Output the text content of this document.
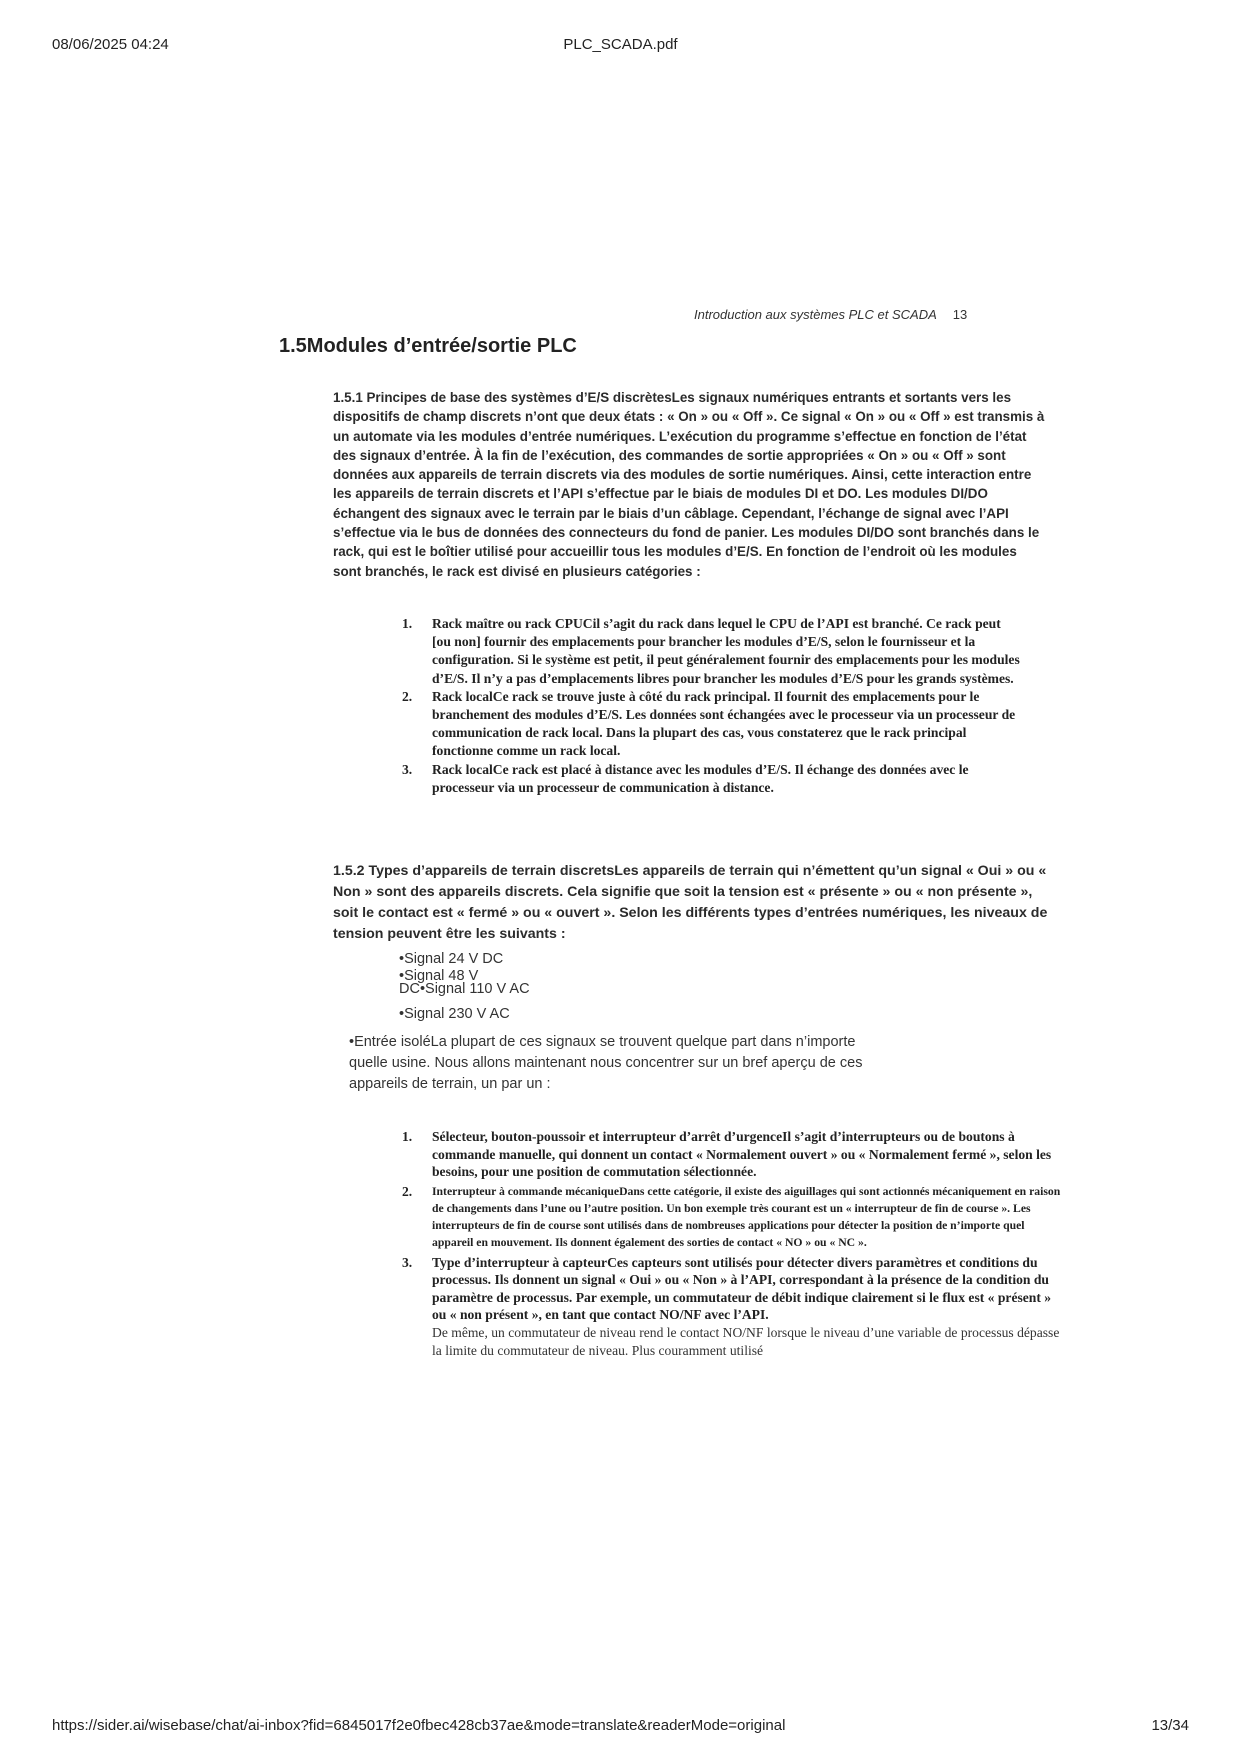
08/06/2025 04:24	PLC_SCADA.pdf
Introduction aux systèmes PLC et SCADA 13
1.5Modules d’entrée/sortie PLC
1.5.1 Principes de base des systèmes d’E/S discrètesLes signaux numériques entrants et sortants vers les dispositifs de champ discrets n’ont que deux états : « On » ou « Off ». Ce signal « On » ou « Off » est transmis à un automate via les modules d’entrée numériques. L’exécution du programme s’effectue en fonction de l’état des signaux d’entrée. À la fin de l’exécution, des commandes de sortie appropriées « On » ou « Off » sont données aux appareils de terrain discrets via des modules de sortie numériques. Ainsi, cette interaction entre les appareils de terrain discrets et l’API s’effectue par le biais de modules DI et DO. Les modules DI/DO échangent des signaux avec le terrain par le biais d’un câblage. Cependant, l’échange de signal avec l’API s’effectue via le bus de données des connecteurs du fond de panier. Les modules DI/DO sont branchés dans le rack, qui est le boîtier utilisé pour accueillir tous les modules d’E/S. En fonction de l’endroit où les modules sont branchés, le rack est divisé en plusieurs catégories :
1. Rack maître ou rack CPUCil s’agit du rack dans lequel le CPU de l’API est branché. Ce rack peut [ou non] fournir des emplacements pour brancher les modules d’E/S, selon le fournisseur et la configuration. Si le système est petit, il peut généralement fournir des emplacements pour les modules d’E/S. Il n’y a pas d’emplacements libres pour brancher les modules d’E/S pour les grands systèmes.
2. Rack localCe rack se trouve juste à côté du rack principal. Il fournit des emplacements pour le branchement des modules d’E/S. Les données sont échangées avec le processeur via un processeur de communication de rack local. Dans la plupart des cas, vous constaterez que le rack principal fonctionne comme un rack local.
3. Rack localCe rack est placé à distance avec les modules d’E/S. Il échange des données avec le processeur via un processeur de communication à distance.
1.5.2 Types d’appareils de terrain discretsLes appareils de terrain qui n’émettent qu’un signal « Oui » ou « Non » sont des appareils discrets. Cela signifie que soit la tension est « présente » ou « non présente », soit le contact est « fermé » ou « ouvert ». Selon les différents types d’entrées numériques, les niveaux de tension peuvent être les suivants :
•Signal 24 V DC
•Signal 48 V
DC•Signal 110 V AC
•Signal 230 V AC
•Entrée isoléLa plupart de ces signaux se trouvent quelque part dans n’importe quelle usine. Nous allons maintenant nous concentrer sur un bref aperçu de ces appareils de terrain, un par un :
1. Sélecteur, bouton-poussoir et interrupteur d’arrêt d’urgenceIl s’agit d’interrupteurs ou de boutons à commande manuelle, qui donnent un contact « Normalement ouvert » ou « Normalement fermé », selon les besoins, pour une position de commutation sélectionnée.
2. Interrupteur à commande mécaniqueDans cette catégorie, il existe des aiguillages qui sont actionnés mécaniquement en raison de changements dans l’une ou l’autre position. Un bon exemple très courant est un « interrupteur de fin de course ». Les interrupteurs de fin de course sont utilisés dans de nombreuses applications pour détecter la position de n’importe quel appareil en mouvement. Ils donnent également des sorties de contact « NO » ou « NC ».
3. Type d’interrupteur à capteurCes capteurs sont utilisés pour détecter divers paramètres et conditions du processus. Ils donnent un signal « Oui » ou « Non » à l’API, correspondant à la présence de la condition du paramètre de processus. Par exemple, un commutateur de débit indique clairement si le flux est « présent » ou « non présent », en tant que contact NO/NF avec l’API.
De même, un commutateur de niveau rend le contact NO/NF lorsque le niveau d’une variable de processus dépasse la limite du commutateur de niveau. Plus couramment utilisé
https://sider.ai/wisebase/chat/ai-inbox?fid=6845017f2e0fbec428cb37ae&mode=translate&readerMode=original	13/34
